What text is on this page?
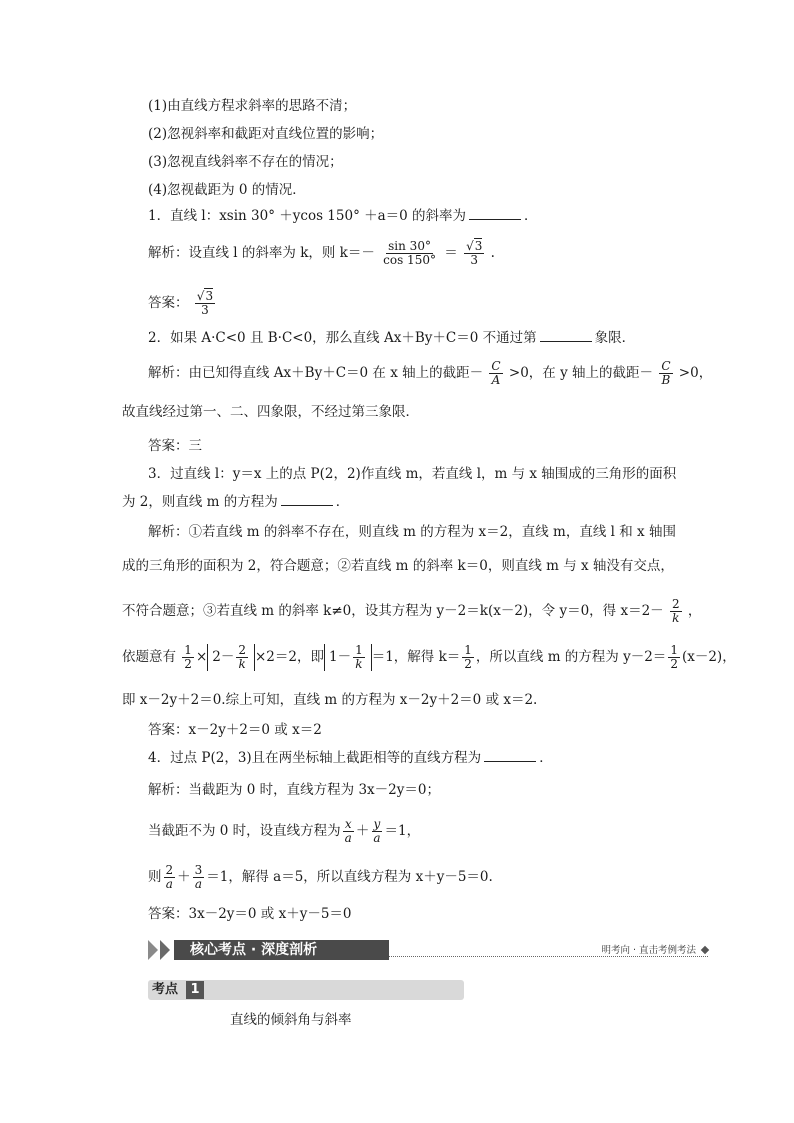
(1)由直线方程求斜率的思路不清；
(2)忽视斜率和截距对直线位置的影响；
(3)忽视直线斜率不存在的情况；
(4)忽视截距为 0 的情况．
1．直线 l：xsin 30° ＋ycos 150° ＋a＝0 的斜率为	．
解析：设直线 l 的斜率为 k，则 $k=- \frac{\sin 30^\circ}{\cos 150^\circ} = \frac{√3}{3}$ .
答案： $\frac{√3}{3}$
2．如果 A·C<0 且 B·C<0，那么直线 Ax＋By＋C＝0 不通过第	象限．
解析：由已知得直线 Ax＋By＋C＝0 在 x 轴上的截距－ $\frac{C}{A} >0$，在 y 轴上的截距－ $\frac{C}{B} >0$，
故直线经过第一、二、四象限，不经过第三象限．
答案：三
3．过直线 l：y＝x 上的点 P(2，2)作直线 m，若直线 l，m 与 x 轴围成的三角形的面积
为 2，则直线 m 的方程为	．
解析：①若直线 m 的斜率不存在，则直线 m 的方程为 x＝2，直线 m，直线 l 和 x 轴围
成的三角形的面积为 2，符合题意；②若直线 m 的斜率 k＝0，则直线 m 与 x 轴没有交点，
不符合题意；③若直线 m 的斜率 k≠0，设其方程为 y－2＝k(x－2)，令 y＝0，得 $x=2- \frac{2}{k}$ ，
依题意有 $\frac{1}{2} \times 2- \frac{2}{k} \times 2=2$，即 $1- \frac{1}{k} =1$，解得 $k= \frac{1}{2}$ ，所以直线 m 的方程为 $y-2= \frac{1}{2} (x-2)$，
即 x－2y＋2＝0.综上可知，直线 m 的方程为 x－2y＋2＝0 或 x＝2.
答案：x－2y＋2＝0 或 x＝2
4．过点 P(2，3)且在两坐标轴上截距相等的直线方程为	．
解析：当截距为 0 时，直线方程为 3x－2y＝0；
当截距不为 0 时，设直线方程为 $\frac{x}{a} + \frac{y}{a} =1$，
则 $\frac{2}{a} + \frac{3}{a} =1$，解得 a＝5，所以直线方程为 x＋y－5＝0.
答案：3x－2y＝0 或 x＋y－5＝0
核心考点 · 深度剖析	明考向 · 直击考例考法
考点 1
直线的倾斜角与斜率
